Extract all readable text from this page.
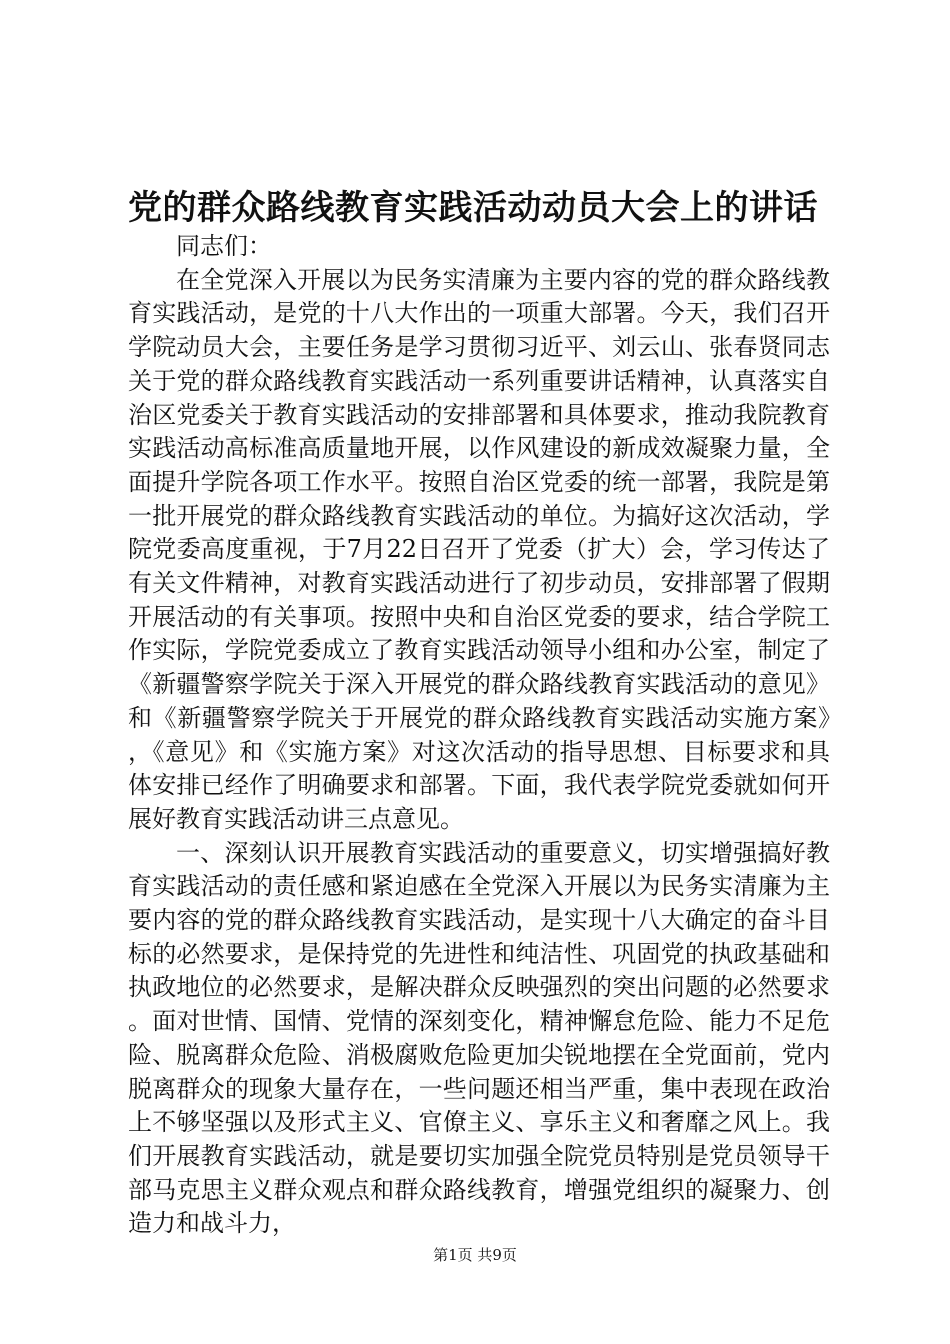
党的群众路线教育实践活动动员大会上的讲话

同志们：

在全党深入开展以为民务实清廉为主要内容的党的群众路线教育实践活动，是党的十八大作出的一项重大部署。今天，我们召开学院动员大会，主要任务是学习贯彻习近平、刘云山、张春贤同志关于党的群众路线教育实践活动一系列重要讲话精神，认真落实自治区党委关于教育实践活动的安排部署和具体要求，推动我院教育实践活动高标准高质量地开展，以作风建设的新成效凝聚力量，全面提升学院各项工作水平。按照自治区党委的统一部署，我院是第一批开展党的群众路线教育实践活动的单位。为搞好这次活动，学院党委高度重视，于7月22日召开了党委（扩大）会，学习传达了有关文件精神，对教育实践活动进行了初步动员，安排部署了假期开展活动的有关事项。按照中央和自治区党委的要求，结合学院工作实际，学院党委成立了教育实践活动领导小组和办公室，制定了《新疆警察学院关于深入开展党的群众路线教育实践活动的意见》和《新疆警察学院关于开展党的群众路线教育实践活动实施方案》，《意见》和《实施方案》对这次活动的指导思想、目标要求和具体安排已经作了明确要求和部署。下面，我代表学院党委就如何开展好教育实践活动讲三点意见。

一、深刻认识开展教育实践活动的重要意义，切实增强搞好教育实践活动的责任感和紧迫感在全党深入开展以为民务实清廉为主要内容的党的群众路线教育实践活动，是实现十八大确定的奋斗目标的必然要求，是保持党的先进性和纯洁性、巩固党的执政基础和执政地位的必然要求，是解决群众反映强烈的突出问题的必然要求。面对世情、国情、党情的深刻变化，精神懈怠危险、能力不足危险、脱离群众危险、消极腐败危险更加尖锐地摆在全党面前，党内脱离群众的现象大量存在，一些问题还相当严重，集中表现在政治上不够坚强以及形式主义、官僚主义、享乐主义和奢靡之风上。我们开展教育实践活动，就是要切实加强全院党员特别是党员领导干部马克思主义群众观点和群众路线教育，增强党组织的凝聚力、创造力和战斗力，

第1页 共9页
